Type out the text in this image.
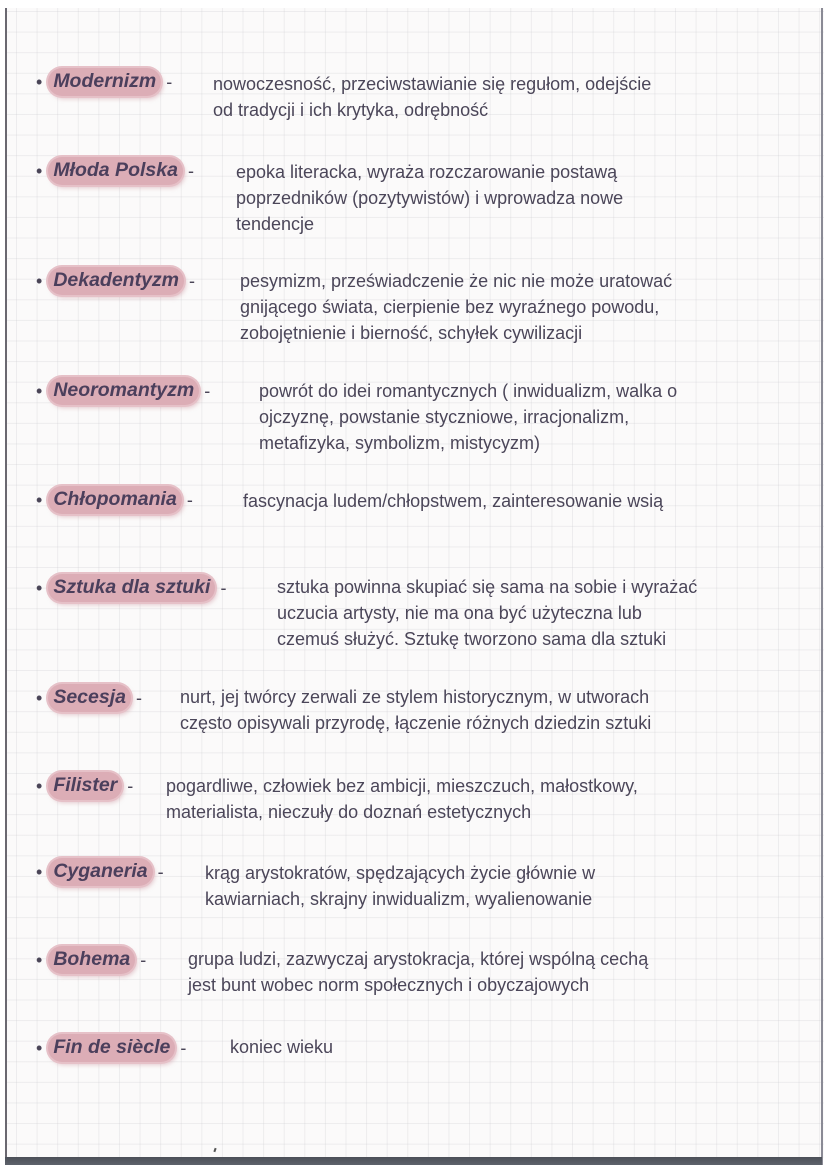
• Modernizm - nowoczesność, przeciwstawianie się regułom, odejście
od tradycji i ich krytyka, odrębność
• Młoda Polska - epoka literacka, wyraża rozczarowanie postawą
poprzedników (pozytywistów) i wprowadza nowe
tendencje
• Dekadentyzm - pesymizm, przeświadczenie że nic nie może uratować
gnijącego świata, cierpienie bez wyraźnego powodu,
zobojętnienie i bierność, schyłek cywilizacji
• Neoromantyzm -	powrót do idei romantycznych ( inwidualizm, walka o
ojczyznę, powstanie styczniowe, irracjonalizm,
metafizyka, symbolizm, mistycyzm)
• Chłopomania -	fascynacja ludem/chłopstwem, zainteresowanie wsią
• Sztuka dla sztuki -	sztuka powinna skupiać się sama na sobie i wyrażać
uczucia artysty, nie ma ona być użyteczna lub
czemuś służyć. Sztukę tworzono sama dla sztuki
• Secesja - nurt, jej twórcy zerwali ze stylem historycznym, w utworach
często opisywali przyrodę, łączenie różnych dziedzin sztuki
• Filister - pogardliwe, człowiek bez ambicji, mieszczuch, małostkowy,
materialista, nieczuły do doznań estetycznych
• Cyganeria - krąg arystokratów, spędzających życie głównie w
kawiarniach, skrajny inwidualizm, wyalienowanie
• Bohema - grupa ludzi, zazwyczaj arystokracja, której wspólną cechą
jest bunt wobec norm społecznych i obyczajowych
• Fin de siècle - koniec wieku
